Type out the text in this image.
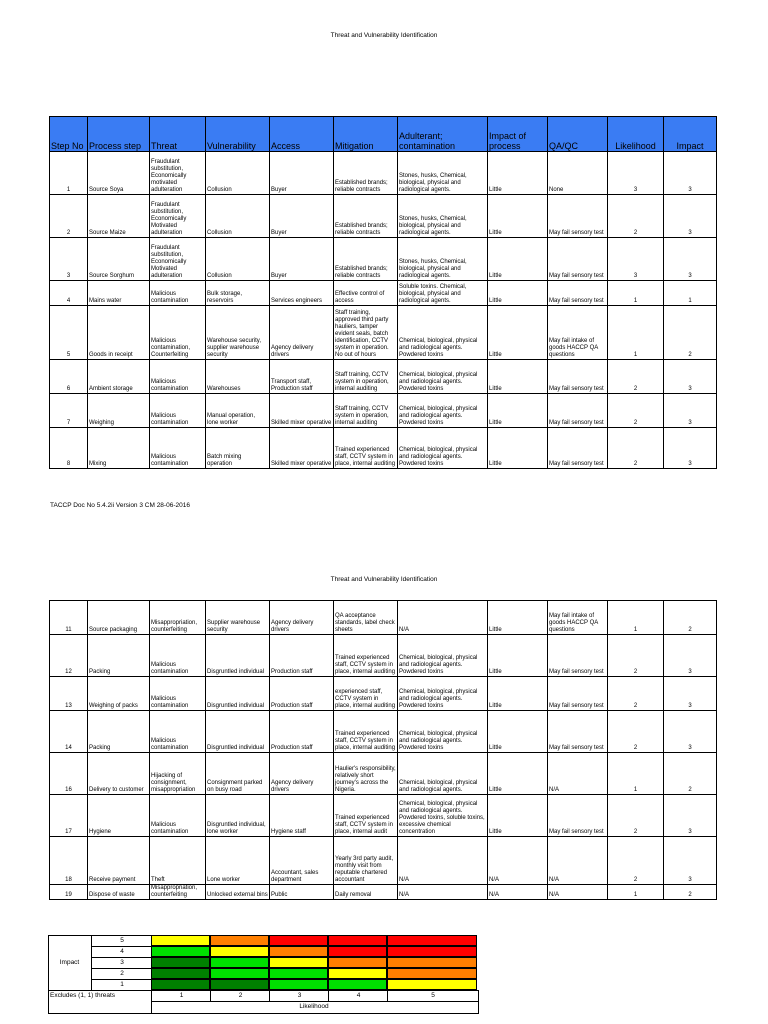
Threat and Vulnerability Identification
Step No	Process step	Threat	Vulnerability	Access	Mitigation	Adulterant; contamination	Impact of process	QA/QC	Likelihood	Impact
1	Source Soya	Fraudulant substitution, Economically motivated adulteration	Collusion	Buyer	Established brands; reliable contracts	Stones, husks, Chemical, biological, physical and radiological agents.	Little	None	3	3
2	Source Maize	Fraudulant substitution, Economically Motivated adulteration	Collusion	Buyer	Established brands; reliable contracts	Stones, husks, Chemical, biological, physical and radiological agents.	Little	May fail sensory test	2	3
3	Source Sorghum	Fraudulant substitution, Economically Motivated adulteration	Collusion	Buyer	Established brands; reliable contracts	Stones, husks, Chemical, biological, physical and radiological agents.	Little	May fail sensory test	3	3
4	Mains water	Malicious contamination	Bulk storage, reservoirs	Services engineers	Effective control of access	Soluble toxins. Chemical, biological, physical and radiological agents.	Little	May fail sensory test	1	1
5	Goods in receipt	Malicious contamination, Counterfeiting	Warehouse security, supplier warehouse security	Agency delivery drivers	Staff training, approved third party hauliers, tamper evident seals, batch identification, CCTV system in operation. No out of hours	Chemical, biological, physical and radiological agents. Powdered toxins	Little	May fail intake of goods HACCP QA questions	1	2
6	Ambient storage	Malicious contamination	Warehouses	Transport staff, Production staff	Staff training, CCTV system in operation, internal auditing	Chemical, biological, physical and radiological agents. Powdered toxins	Little	May fail sensory test	2	3
7	Weighing	Malicious contamination	Manual operation, lone worker	Skilled mixer operative	Staff training, CCTV system in operation, internal auditing	Chemical, biological, physical and radiological agents. Powdered toxins	Little	May fail sensory test	2	3
8	Mixing	Malicious contamination	Batch mixing operation	Skilled mixer operative	Trained experienced staff, CCTV system in place, internal auditing	Chemical, biological, physical and radiological agents. Powdered toxins	Little	May fail sensory test	2	3
TACCP Doc No 5.4.2ii Version 3 CM 28-06-2016
Threat and Vulnerability Identification
11	Source packaging	Misappropriation, counterfeiting	Supplier warehouse security	Agency delivery drivers	QA acceptance standards, label check sheets	N/A	Little	May fail intake of goods HACCP QA questions	1	2
12	Packing	Malicious contamination	Disgruntled individual	Production staff	Trained experienced staff, CCTV system in place, internal auditing	Chemical, biological, physical and radiological agents. Powdered toxins	Little	May fail sensory test	2	3
13	Weighing of packs	Malicious contamination	Disgruntled individual	Production staff	experienced staff, CCTV system in place, internal auditing	Chemical, biological, physical and radiological agents. Powdered toxins	Little	May fail sensory test	2	3
14	Packing	Malicious contamination	Disgruntled individual	Production staff	Trained experienced staff, CCTV system in place, internal auditing	Chemical, biological, physical and radiological agents. Powdered toxins	Little	May fail sensory test	2	3
16	Delivery to customer	Hijacking of consignment, misappropriation	Consignment parked on busy road	Agency delivery drivers	Haulier's responsibility, relatively short journey's across the Nigeria.	Chemical, biological, physical and radiological agents.	Little	N/A	1	2
17	Hygiene	Malicious contamination	Disgruntled individual, lone worker	Hygiene staff	Trained experienced staff, CCTV system in place, internal audit	Chemical, biological, physical and radiological agents. Powdered toxins, soluble toxins, excessive chemical concentration	Little	May fail sensory test	2	3
18	Receive payment	Theft	Lone worker	Accountant, sales department	Yearly 3rd party audit, monthly visit from reputable chartered accountant	N/A	N/A	N/A	2	3
19	Dispose of waste	Misappropriation, counterfeiting	Unlocked external bins	Public	Daily removal	N/A	N/A	N/A	1	2
5
4
3
2
1
Impact
Excludes (1, 1) threats	1	2	3	4	5
Likelihood
